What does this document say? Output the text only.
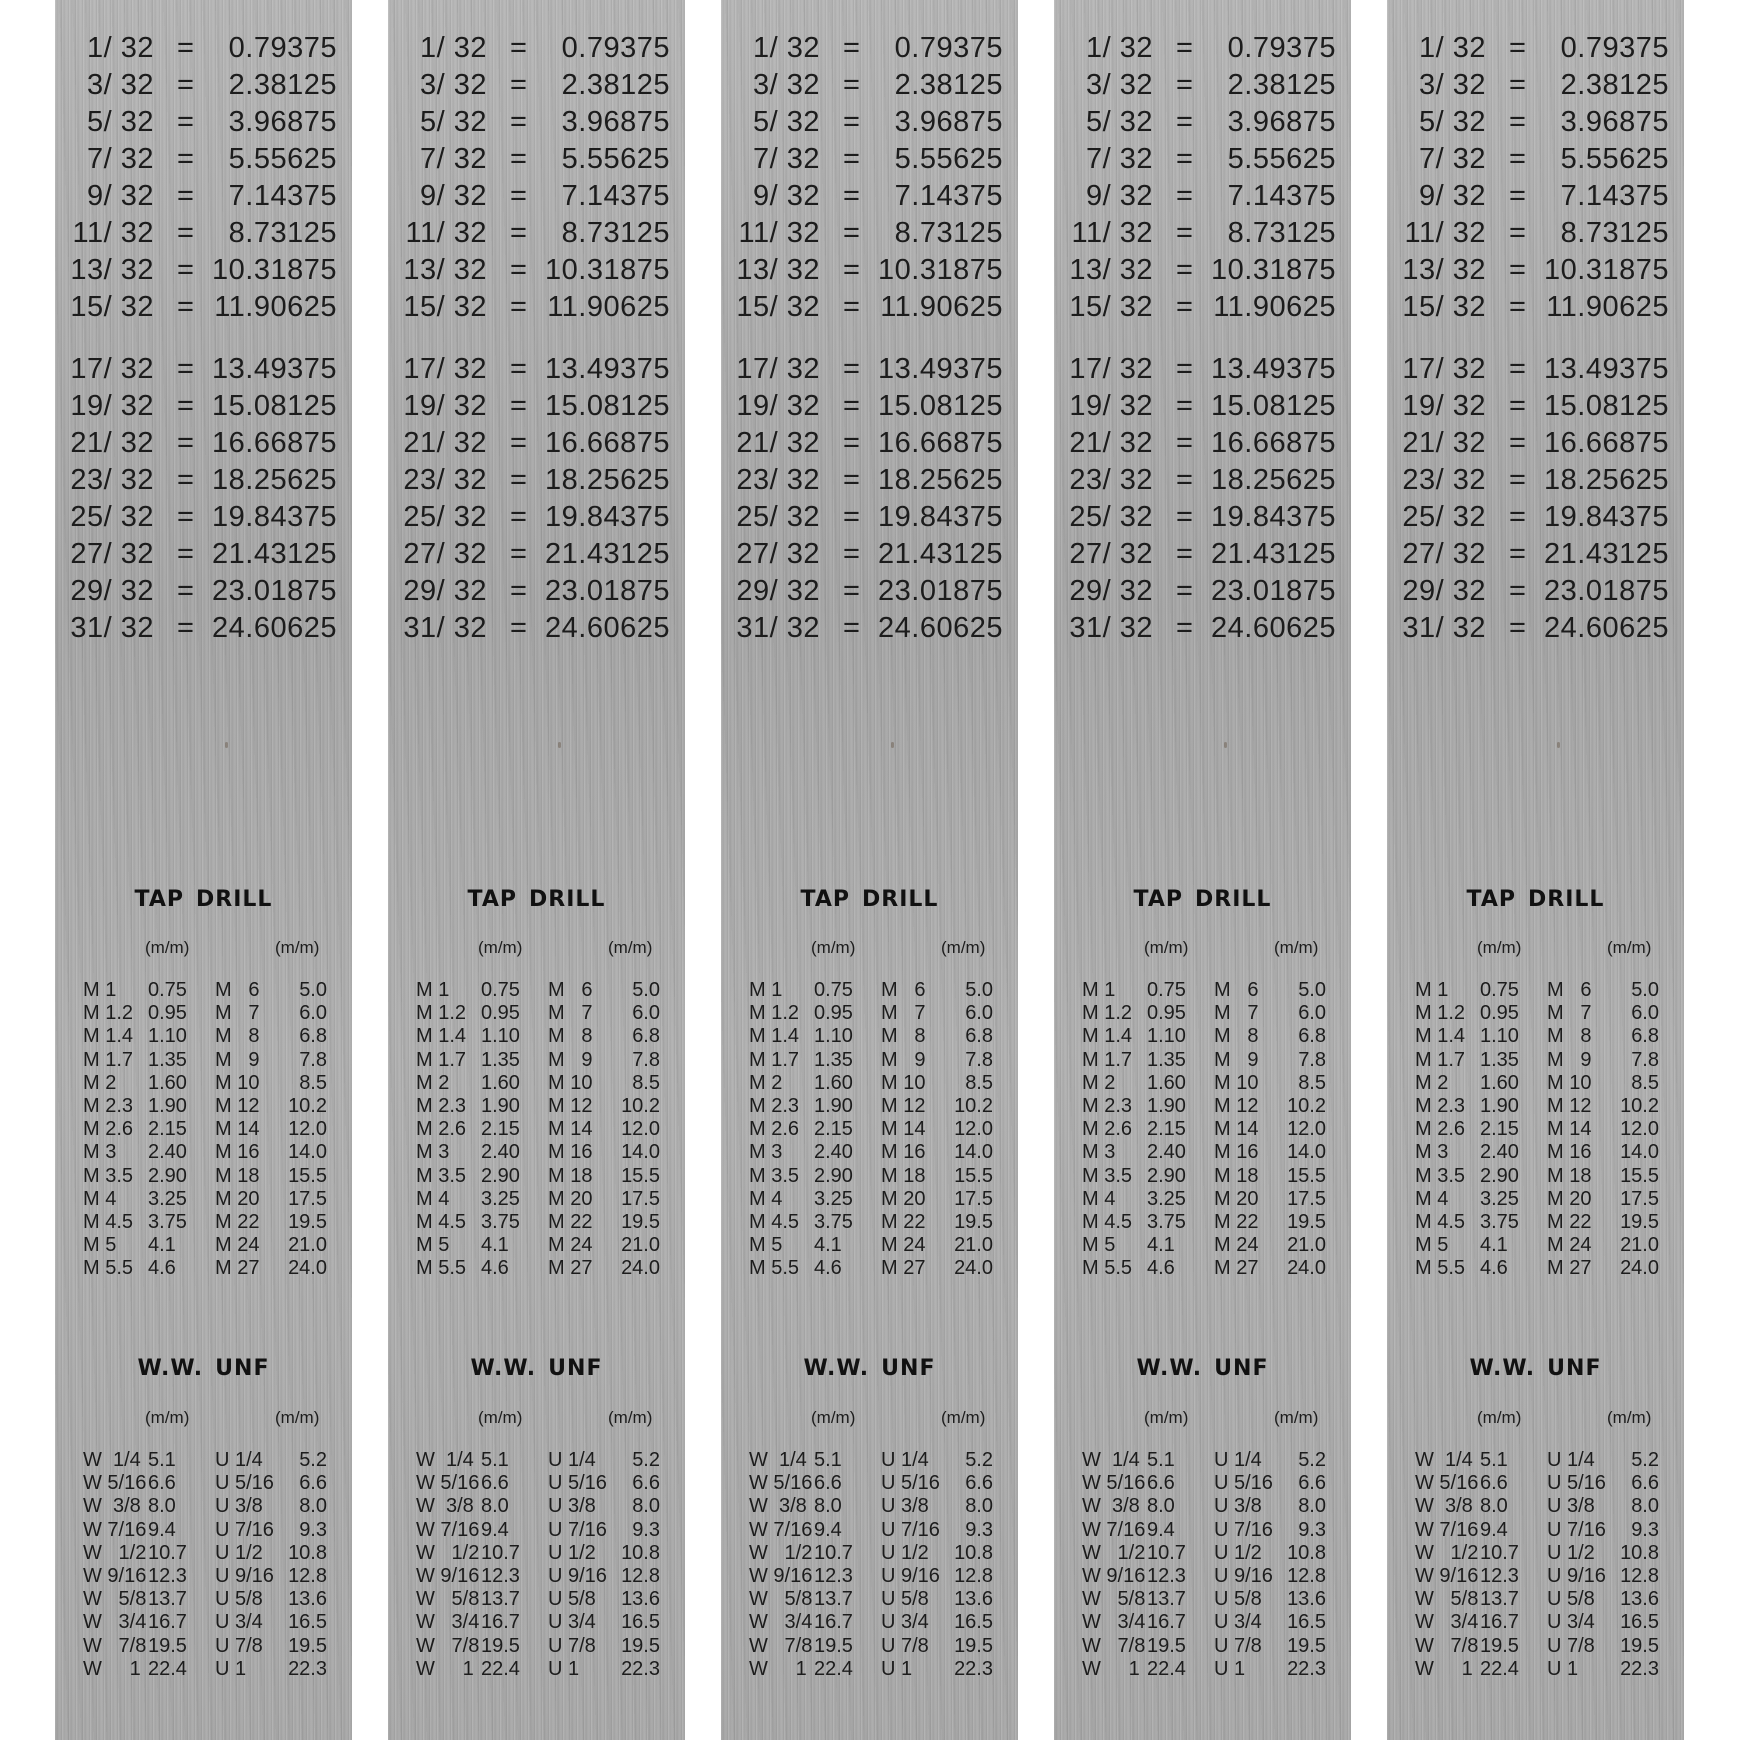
1/ 32 = 0.79375
3/ 32 = 2.38125
5/ 32 = 3.96875
7/ 32 = 5.55625
9/ 32 = 7.14375
11/ 32 = 8.73125
13/ 32 = 10.31875
15/ 32 = 11.90625
17/ 32 = 13.49375
19/ 32 = 15.08125
21/ 32 = 16.66875
23/ 32 = 18.25625
25/ 32 = 19.84375
27/ 32 = 21.43125
29/ 32 = 23.01875
31/ 32 = 24.60625
TAP DRILL
(m/m)	(m/m)
M 1 0.75 M   6 5.0
M 1.2 0.95 M   7 6.0
M 1.4 1.10 M   8 6.8
M 1.7 1.35 M   9 7.8
M 2 1.60 M 10 8.5
M 2.3 1.90 M 12 10.2
M 2.6 2.15 M 14 12.0
M 3 2.40 M 16 14.0
M 3.5 2.90 M 18 15.5
M 4 3.25 M 20 17.5
M 4.5 3.75 M 22 19.5
M 5 4.1 M 24 21.0
M 5.5 4.6 M 27 24.0
W.W. UNF
(m/m)	(m/m)
W  1/4 5.1 U 1/4 5.2
W 5/16 6.6 U 5/16 6.6
W  3/8 8.0 U 3/8 8.0
W 7/16 9.4 U 7/16 9.3
W   1/2 10.7 U 1/2 10.8
W 9/16 12.3 U 9/16 12.8
W   5/8 13.7 U 5/8 13.6
W   3/4 16.7 U 3/4 16.5
W   7/8 19.5 U 7/8 19.5
W     1 22.4 U 1 22.3
1/ 32 = 0.79375
3/ 32 = 2.38125
5/ 32 = 3.96875
7/ 32 = 5.55625
9/ 32 = 7.14375
11/ 32 = 8.73125
13/ 32 = 10.31875
15/ 32 = 11.90625
17/ 32 = 13.49375
19/ 32 = 15.08125
21/ 32 = 16.66875
23/ 32 = 18.25625
25/ 32 = 19.84375
27/ 32 = 21.43125
29/ 32 = 23.01875
31/ 32 = 24.60625
TAP DRILL
(m/m)	(m/m)
M 1 0.75 M   6 5.0
M 1.2 0.95 M   7 6.0
M 1.4 1.10 M   8 6.8
M 1.7 1.35 M   9 7.8
M 2 1.60 M 10 8.5
M 2.3 1.90 M 12 10.2
M 2.6 2.15 M 14 12.0
M 3 2.40 M 16 14.0
M 3.5 2.90 M 18 15.5
M 4 3.25 M 20 17.5
M 4.5 3.75 M 22 19.5
M 5 4.1 M 24 21.0
M 5.5 4.6 M 27 24.0
W.W. UNF
(m/m)	(m/m)
W  1/4 5.1 U 1/4 5.2
W 5/16 6.6 U 5/16 6.6
W  3/8 8.0 U 3/8 8.0
W 7/16 9.4 U 7/16 9.3
W   1/2 10.7 U 1/2 10.8
W 9/16 12.3 U 9/16 12.8
W   5/8 13.7 U 5/8 13.6
W   3/4 16.7 U 3/4 16.5
W   7/8 19.5 U 7/8 19.5
W     1 22.4 U 1 22.3
1/ 32 = 0.79375
3/ 32 = 2.38125
5/ 32 = 3.96875
7/ 32 = 5.55625
9/ 32 = 7.14375
11/ 32 = 8.73125
13/ 32 = 10.31875
15/ 32 = 11.90625
17/ 32 = 13.49375
19/ 32 = 15.08125
21/ 32 = 16.66875
23/ 32 = 18.25625
25/ 32 = 19.84375
27/ 32 = 21.43125
29/ 32 = 23.01875
31/ 32 = 24.60625
TAP DRILL
(m/m)	(m/m)
M 1 0.75 M   6 5.0
M 1.2 0.95 M   7 6.0
M 1.4 1.10 M   8 6.8
M 1.7 1.35 M   9 7.8
M 2 1.60 M 10 8.5
M 2.3 1.90 M 12 10.2
M 2.6 2.15 M 14 12.0
M 3 2.40 M 16 14.0
M 3.5 2.90 M 18 15.5
M 4 3.25 M 20 17.5
M 4.5 3.75 M 22 19.5
M 5 4.1 M 24 21.0
M 5.5 4.6 M 27 24.0
W.W. UNF
(m/m)	(m/m)
W  1/4 5.1 U 1/4 5.2
W 5/16 6.6 U 5/16 6.6
W  3/8 8.0 U 3/8 8.0
W 7/16 9.4 U 7/16 9.3
W   1/2 10.7 U 1/2 10.8
W 9/16 12.3 U 9/16 12.8
W   5/8 13.7 U 5/8 13.6
W   3/4 16.7 U 3/4 16.5
W   7/8 19.5 U 7/8 19.5
W     1 22.4 U 1 22.3
1/ 32 = 0.79375
3/ 32 = 2.38125
5/ 32 = 3.96875
7/ 32 = 5.55625
9/ 32 = 7.14375
11/ 32 = 8.73125
13/ 32 = 10.31875
15/ 32 = 11.90625
17/ 32 = 13.49375
19/ 32 = 15.08125
21/ 32 = 16.66875
23/ 32 = 18.25625
25/ 32 = 19.84375
27/ 32 = 21.43125
29/ 32 = 23.01875
31/ 32 = 24.60625
TAP DRILL
(m/m)	(m/m)
M 1 0.75 M   6 5.0
M 1.2 0.95 M   7 6.0
M 1.4 1.10 M   8 6.8
M 1.7 1.35 M   9 7.8
M 2 1.60 M 10 8.5
M 2.3 1.90 M 12 10.2
M 2.6 2.15 M 14 12.0
M 3 2.40 M 16 14.0
M 3.5 2.90 M 18 15.5
M 4 3.25 M 20 17.5
M 4.5 3.75 M 22 19.5
M 5 4.1 M 24 21.0
M 5.5 4.6 M 27 24.0
W.W. UNF
(m/m)	(m/m)
W  1/4 5.1 U 1/4 5.2
W 5/16 6.6 U 5/16 6.6
W  3/8 8.0 U 3/8 8.0
W 7/16 9.4 U 7/16 9.3
W   1/2 10.7 U 1/2 10.8
W 9/16 12.3 U 9/16 12.8
W   5/8 13.7 U 5/8 13.6
W   3/4 16.7 U 3/4 16.5
W   7/8 19.5 U 7/8 19.5
W     1 22.4 U 1 22.3
1/ 32 = 0.79375
3/ 32 = 2.38125
5/ 32 = 3.96875
7/ 32 = 5.55625
9/ 32 = 7.14375
11/ 32 = 8.73125
13/ 32 = 10.31875
15/ 32 = 11.90625
17/ 32 = 13.49375
19/ 32 = 15.08125
21/ 32 = 16.66875
23/ 32 = 18.25625
25/ 32 = 19.84375
27/ 32 = 21.43125
29/ 32 = 23.01875
31/ 32 = 24.60625
TAP DRILL
(m/m)	(m/m)
M 1 0.75 M   6 5.0
M 1.2 0.95 M   7 6.0
M 1.4 1.10 M   8 6.8
M 1.7 1.35 M   9 7.8
M 2 1.60 M 10 8.5
M 2.3 1.90 M 12 10.2
M 2.6 2.15 M 14 12.0
M 3 2.40 M 16 14.0
M 3.5 2.90 M 18 15.5
M 4 3.25 M 20 17.5
M 4.5 3.75 M 22 19.5
M 5 4.1 M 24 21.0
M 5.5 4.6 M 27 24.0
W.W. UNF
(m/m)	(m/m)
W  1/4 5.1 U 1/4 5.2
W 5/16 6.6 U 5/16 6.6
W  3/8 8.0 U 3/8 8.0
W 7/16 9.4 U 7/16 9.3
W   1/2 10.7 U 1/2 10.8
W 9/16 12.3 U 9/16 12.8
W   5/8 13.7 U 5/8 13.6
W   3/4 16.7 U 3/4 16.5
W   7/8 19.5 U 7/8 19.5
W     1 22.4 U 1 22.3
